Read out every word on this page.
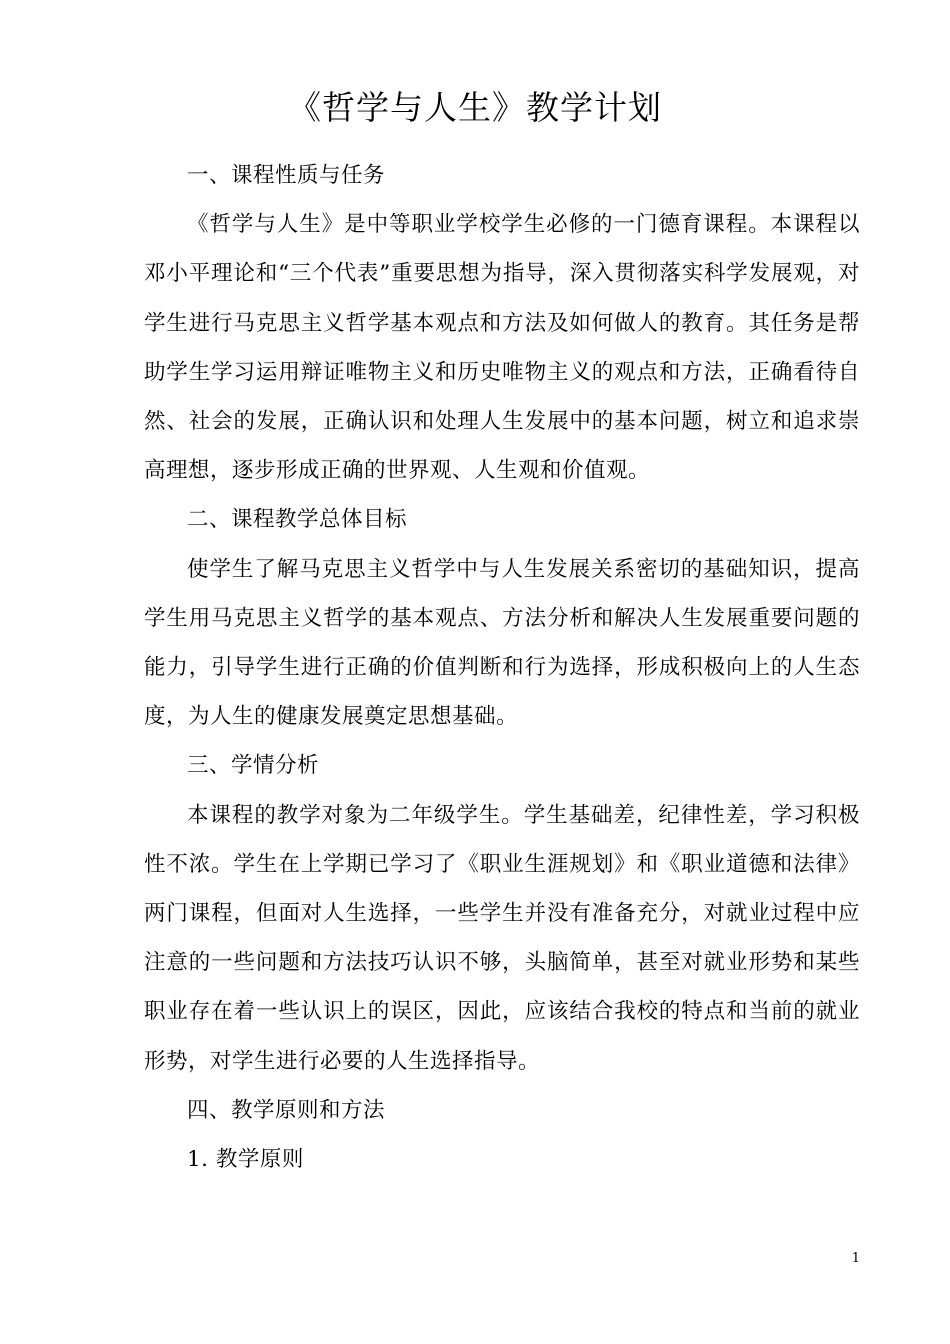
《哲学与人生》教学计划

一、课程性质与任务

《哲学与人生》是中等职业学校学生必修的一门德育课程。本课程以邓小平理论和“三个代表”重要思想为指导，深入贯彻落实科学发展观，对学生进行马克思主义哲学基本观点和方法及如何做人的教育。其任务是帮助学生学习运用辩证唯物主义和历史唯物主义的观点和方法，正确看待自然、社会的发展，正确认识和处理人生发展中的基本问题，树立和追求崇高理想，逐步形成正确的世界观、人生观和价值观。

二、课程教学总体目标

使学生了解马克思主义哲学中与人生发展关系密切的基础知识，提高学生用马克思主义哲学的基本观点、方法分析和解决人生发展重要问题的能力，引导学生进行正确的价值判断和行为选择，形成积极向上的人生态度，为人生的健康发展奠定思想基础。

三、学情分析

本课程的教学对象为二年级学生。学生基础差，纪律性差，学习积极性不浓。学生在上学期已学习了《职业生涯规划》和《职业道德和法律》两门课程，但面对人生选择，一些学生并没有准备充分，对就业过程中应注意的一些问题和方法技巧认识不够，头脑简单，甚至对就业形势和某些职业存在着一些认识上的误区，因此，应该结合我校的特点和当前的就业形势，对学生进行必要的人生选择指导。

四、教学原则和方法

1. 教学原则

1
